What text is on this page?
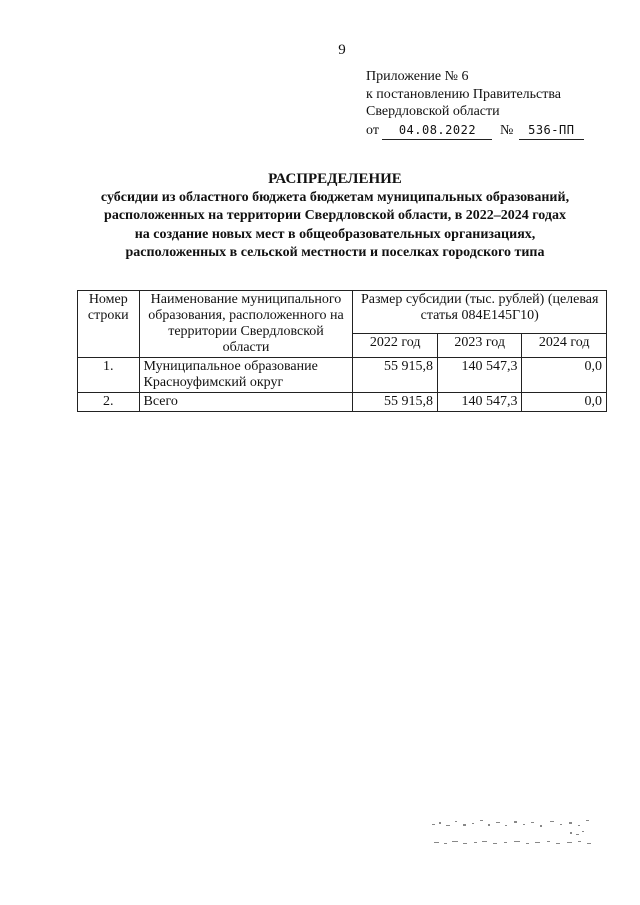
9
Приложение № 6
к постановлению Правительства
Свердловской области
от 04.08.2022 № 536-ПП
РАСПРЕДЕЛЕНИЕ
субсидии из областного бюджета бюджетам муниципальных образований,
расположенных на территории Свердловской области, в 2022–2024 годах
на создание новых мест в общеобразовательных организациях,
расположенных в сельской местности и поселках городского типа
Номер строки	Наименование муниципального образования, расположенного на территории Свердловской области	Размер субсидии (тыс. рублей) (целевая статья 084Е145Г10)		
		2022 год	2023 год	2024 год
1.	Муниципальное образование Красноуфимский округ	55 915,8	140 547,3	0,0
2.	Всего	55 915,8	140 547,3	0,0
